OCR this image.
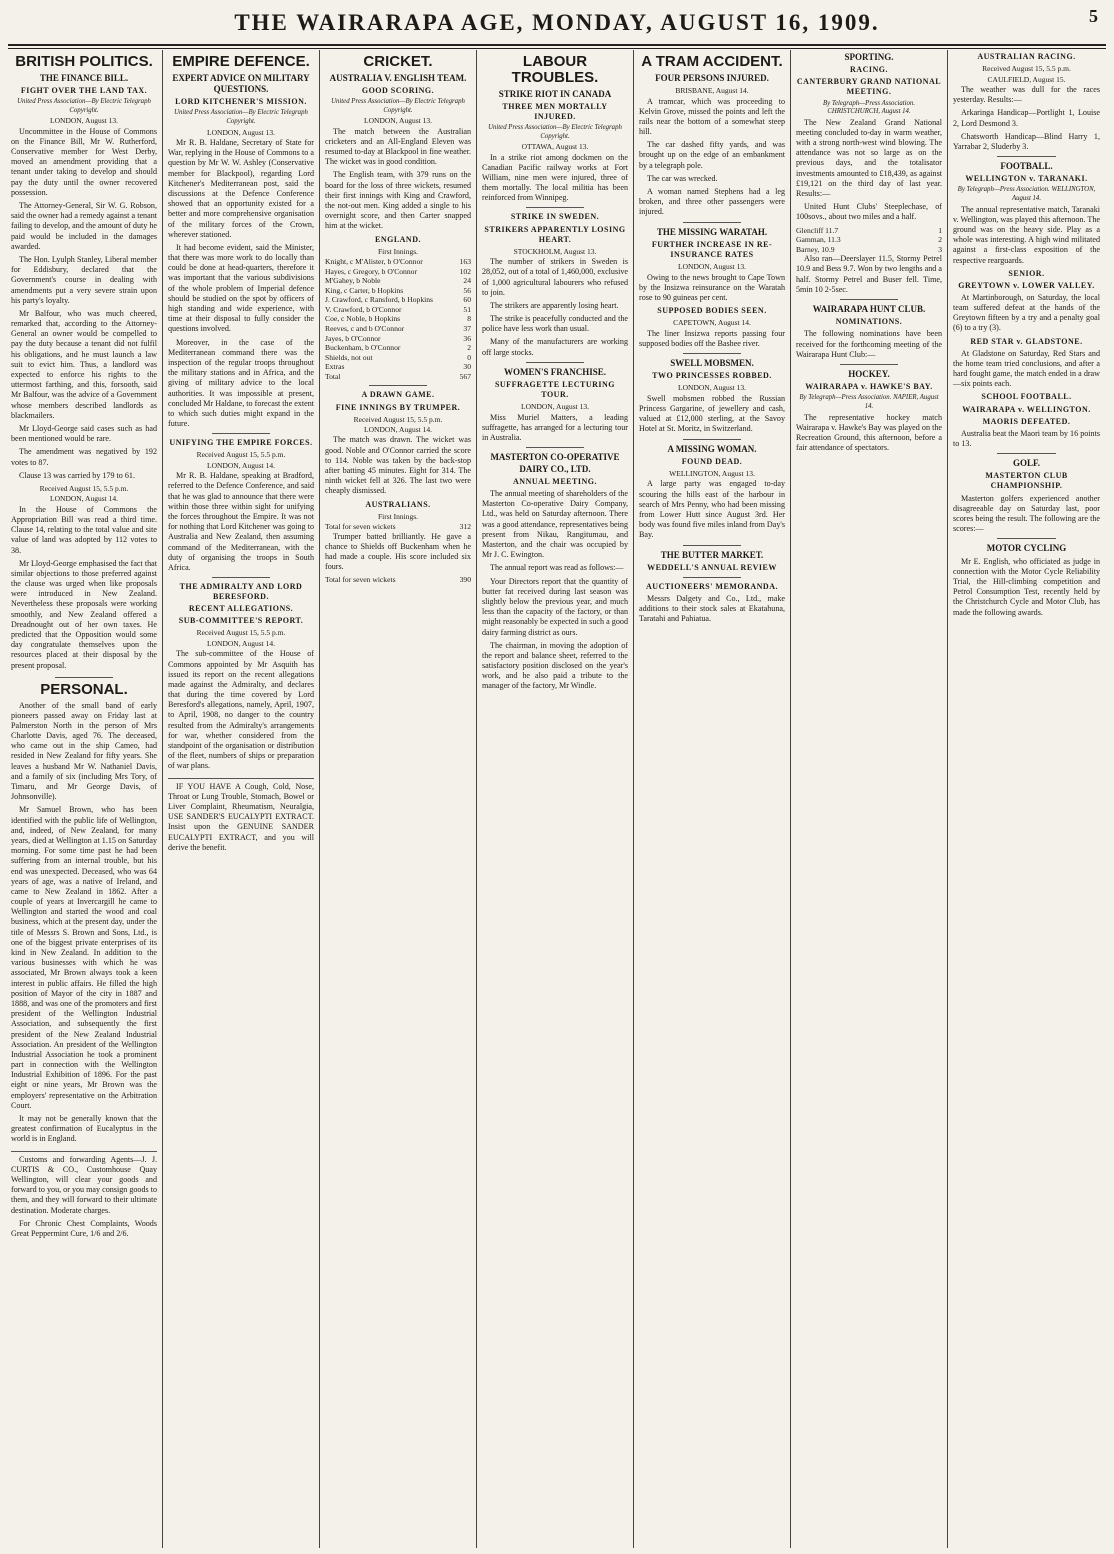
THE WAIRARAPA AGE, MONDAY, AUGUST 16, 1909.	5
BRITISH POLITICS.
THE FINANCE BILL.
FIGHT OVER THE LAND TAX.
United Press Association—By Electric Telegraph Copyright.
LONDON, August 13.

Uncommittee in the House of Commons on the Finance Bill, Mr W. Rutherford, Conservative member for West Derby, moved an amendment providing that a tenant under taking to develop and should pay the duty until the owner recovered possession.

The Attorney-General, Sir W. G. Robson, said the owner had a remedy against a tenant failing to develop, and the amount of duty he paid would be included in the damages awarded.

The Hon. Lyulph Stanley, Liberal member for Eddisbury, declared that the Government's course in dealing with amendments put a very severe strain upon his party's loyalty.

Mr Balfour, who was much cheered, remarked that, according to the Attorney-General an owner would be compelled to pay the duty because a tenant did not fulfil his obligations, and he must launch a law suit to evict him. Thus, a landlord was expected to enforce his rights to the uttermost farthing, and this, forsooth, said Mr Balfour, was the advice of a Government whose members described landlords as blackmailers.

Mr Lloyd-George said cases such as had been mentioned would be rare.

The amendment was negatived by 192 votes to 87.

Clause 13 was carried by 179 to 61.

Received August 15, 5.5 p.m.
LONDON, August 14.

In the House of Commons the Appropriation Bill was read a third time. Clause 14, relating to the total value and site value of land was adopted by 112 votes to 38.

Mr Lloyd-George emphasised the fact that similar objections to those preferred against the clause was urged when like proposals were introduced in New Zealand. Nevertheless these proposals were working smoothly, and New Zealand offered a Dreadnought out of her own taxes. He predicted that the Opposition would some day congratulate themselves upon the resources placed at their disposal by the present proposal.

PERSONAL.

Another of the small band of early pioneers passed away on Friday last at Palmerston North in the person of Mrs Charlotte Davis, aged 76. The deceased, who came out in the ship Cameo, had resided in New Zealand for fifty years. She leaves a husband Mr W. Nathaniel Davis, and a family of six (including Mrs Tory, of Timaru, and Mr George Davis, of Johnsonville).

Mr Samuel Brown, who has been identified with the public life of Wellington, and, indeed, of New Zealand, for many years, died at Wellington at 1.15 on Saturday morning. For some time past he had been suffering from an internal trouble, but his end was unexpected. Deceased, who was 64 years of age, was a native of Ireland, and came to New Zealand in 1862. After a couple of years at Invercargill he came to Wellington and started the wood and coal business, which at the present day, under the title of Messrs S. Brown and Sons, Ltd., is one of the biggest private enterprises of its kind in New Zealand. In addition to the various businesses with which he was associated, Mr Brown always took a keen interest in public affairs. He filled the high position of Mayor of the city in 1887 and 1888, and was one of the promoters and first president of the Wellington Industrial Association, and subsequently the first president of the New Zealand Industrial Association. An president of the Wellington Industrial Association he took a prominent part in connection with the Wellington Industrial Exhibition of 1896. For the past eight or nine years, Mr Brown was the employers' representative on the Arbitration Court.

It may not be generally known that the greatest confirmation of Eucalyptus in the world is in England.

Customs and forwarding Agents—J. J. CURTIS & CO., Customhouse Quay Wellington, will clear your goods and forward to you, or you may consign goods to them, and they will forward to their ultimate destination. Moderate charges.

For Chronic Chest Complaints, Woods Great Peppermint Cure, 1/6 and 2/6.

EMPIRE DEFENCE.
EXPERT ADVICE ON MILITARY QUESTIONS.
LORD KITCHENER'S MISSION.
United Press Association—By Electric Telegraph Copyright.
LONDON, August 13.

Mr R. B. Haldane, Secretary of State for War, replying in the House of Commons to a question by Mr W. W. Ashley (Conservative member for Blackpool), regarding Lord Kitchener's Mediterranean post, said the discussions at the Defence Conference showed that an opportunity existed for a better and more comprehensive organisation of the military forces of the Crown, wherever stationed.

It had become evident, said the Minister, that there was more work to do locally than could be done at head-quarters, therefore it was important that the various subdivisions of the whole problem of Imperial defence should be studied on the spot by officers of high standing and wide experience, with time at their disposal to fully consider the questions involved.

Moreover, in the case of the Mediterranean command there was the inspection of the regular troops throughout the military stations and in Africa, and the giving of military advice to the local authorities. It was impossible at present, concluded Mr Haldane, to forecast the extent to which such duties might expand in the future.

UNIFYING THE EMPIRE FORCES.
Received August 15, 5.5 p.m.
LONDON, August 14.

Mr R. B. Haldane, speaking at Bradford, referred to the Defence Conference, and said that he was glad to announce that there were within those three within sight for unifying the forces throughout the Empire. It was not for nothing that Lord Kitchener was going to Australia and New Zealand, then assuming command of the Mediterranean, with the duty of organising the troops in South Africa.

THE ADMIRALTY AND LORD BERESFORD.
RECENT ALLEGATIONS.
SUB-COMMITTEE'S REPORT.
Received August 15, 5.5 p.m.
LONDON, August 14.

The sub-committee of the House of Commons appointed by Mr Asquith has issued its report on the recent allegations made against the Admiralty, and declares that during the time covered by Lord Beresford's allegations, namely, April, 1907, to April, 1908, no danger to the country resulted from the Admiralty's arrangements for war, whether considered from the standpoint of the organisation or distribution of the fleet, numbers of ships or preparation of war plans.

IF YOU HAVE A Cough, Cold, Nose, Throat or Lung Trouble, Stomach, Bowel or Liver Complaint, Rheumatism, Neuralgia, USE SANDER'S EUCALYPTI EXTRACT. Insist upon the GENUINE SANDER EUCALYPTI EXTRACT, and you will derive the benefit.

CRICKET.
AUSTRALIA V. ENGLISH TEAM.
GOOD SCORING.
United Press Association—By Electric Telegraph Copyright.
LONDON, August 13.

The match between the Australian cricketers and an All-England Eleven was resumed to-day at Blackpool in fine weather. The wicket was in good condition.

The English team, with 379 runs on the board for the loss of three wickets, resumed their first innings with King and Crawford, the not-out men. King added a single to his overnight score, and then Carter snapped him at the wicket.

ENGLAND.
First Innings.
Knight, c M'Alister, b O'Connor	163
Hayes, c Gregory, b O'Connor	102
M'Gahey, b Noble	24
King, c Carter, b Hopkins	56
J. Crawford, c Ransford, b Hopkins	60
V. Crawford, b O'Connor	51
Coe, c Noble, b Hopkins	8
Reeves, c and b O'Connor	37
Jayes, b O'Connor	36
Buckenham, b O'Connor	2
Shields, not out	0
Extras	30
Total	567
A DRAWN GAME.
FINE INNINGS BY TRUMPER.
Received August 15, 5.5 p.m.
LONDON, August 14.

The match was drawn. The wicket was good. Noble and O'Connor carried the score to 114. Noble was taken by the back-stop after batting 45 minutes. Eight for 314. The ninth wicket fell at 326. The last two were cheaply dismissed.

AUSTRALIANS.
First Innings.
Total for seven wickets	312

Trumper batted brilliantly. He gave a chance to Shields off Buckenham when he had made a couple. His score included six fours.

Total for seven wickets	390
LABOUR TROUBLES.
STRIKE RIOT IN CANADA
THREE MEN MORTALLY INJURED.
United Press Association—By Electric Telegraph Copyright.
OTTAWA, August 13.

In a strike riot among dockmen on the Canadian Pacific railway works at Fort William, nine men were injured, three of them mortally. The local militia has been reinforced from Winnipeg.

STRIKE IN SWEDEN.
STRIKERS APPARENTLY LOSING HEART.
STOCKHOLM, August 13.

The number of strikers in Sweden is 28,052, out of a total of 1,460,000, exclusive of 1,000 agricultural labourers who refused to join.

The strikers are apparently losing heart.

The strike is peacefully conducted and the police have less work than usual.

Many of the manufacturers are working off large stocks.

WOMEN'S FRANCHISE.
SUFFRAGETTE LECTURING TOUR.
LONDON, August 13.

Miss Muriel Matters, a leading suffragette, has arranged for a lecturing tour in Australia.

MASTERTON CO-OPERATIVE DAIRY CO., LTD.
ANNUAL MEETING.

The annual meeting of shareholders of the Masterton Co-operative Dairy Company, Ltd., was held on Saturday afternoon. There was a good attendance, representatives being present from Nikau, Rangitumau, and Masterton, and the chair was occupied by Mr J. C. Ewington.

The annual report was read as follows:—

Your Directors report that the quantity of butter fat received during last season was slightly below the previous year, and much less than the capacity of the factory, or than might reasonably be expected in such a good dairy farming district as ours.

The chairman, in moving the adoption of the report and balance sheet, referred to the satisfactory position disclosed on the year's work, and he also paid a tribute to the manager of the factory, Mr Windle.

A TRAM ACCIDENT.
FOUR PERSONS INJURED.
BRISBANE, August 14.

A tramcar, which was proceeding to Kelvin Grove, missed the points and left the rails near the bottom of a somewhat steep hill.

The car dashed fifty yards, and was brought up on the edge of an embankment by a telegraph pole.

The car was wrecked.

A woman named Stephens had a leg broken, and three other passengers were injured.

THE MISSING WARATAH.
FURTHER INCREASE IN RE-INSURANCE RATES
LONDON, August 13.

Owing to the news brought to Cape Town by the Insizwa reinsurance on the Waratah rose to 90 guineas per cent.

SUPPOSED BODIES SEEN.
CAPETOWN, August 14.

The liner Insizwa reports passing four supposed bodies off the Bashee river.

SWELL MOBSMEN.
TWO PRINCESSES ROBBED.
LONDON, August 13.

Swell mobsmen robbed the Russian Princess Gargarine, of jewellery and cash, valued at £12,000 sterling, at the Savoy Hotel at St. Moritz, in Switzerland.

A MISSING WOMAN.
FOUND DEAD.
WELLINGTON, August 13.

A large party was engaged to-day scouring the hills east of the harbour in search of Mrs Penny, who had been missing from Lower Hutt since August 3rd. Her body was found five miles inland from Day's Bay.

THE BUTTER MARKET.
WEDDELL'S ANNUAL REVIEW
AUCTIONEERS' MEMORANDA.

Messrs Dalgety and Co., Ltd., make additions to their stock sales at Ekatahuna, Taratahi and Pahiatua.

SPORTING.
RACING.
CANTERBURY GRAND NATIONAL MEETING.
By Telegraph—Press Association. CHRISTCHURCH, August 14.

The New Zealand Grand National meeting concluded to-day in warm weather, with a strong north-west wind blowing. The attendance was not so large as on the previous days, and the totalisator investments amounted to £18,439, as against £19,121 on the third day of last year. Results:—

United Hunt Clubs' Steeplechase, of 100sovs., about two miles and a half.

Glencliff 11.7	1
Gamman, 11.3	2
Barney, 10.9	3

Also ran—Deerslayer 11.5, Stormy Petrel 10.9 and Bess 9.7. Won by two lengths and a half. Stormy Petrel and Buser fell. Time, 5min 10 2-5sec.

WAIRARAPA HUNT CLUB.
NOMINATIONS.

The following nominations have been received for the forthcoming meeting of the Wairarapa Hunt Club:—

HOCKEY.
WAIRARAPA v. HAWKE'S BAY.
By Telegraph—Press Association. NAPIER, August 14.

The representative hockey match Wairarapa v. Hawke's Bay was played on the Recreation Ground, this afternoon, before a fair attendance of spectators.

AUSTRALIAN RACING.
Received August 15, 5.5 p.m.
CAULFIELD, August 15.

The weather was dull for the races yesterday. Results:—

Arkaringa Handicap—Portlight 1, Louise 2, Lord Desmond 3.

Chatsworth Handicap—Blind Harry 1, Yarrabar 2, Sluderby 3.

FOOTBALL.
WELLINGTON v. TARANAKI.
By Telegraph—Press Association. WELLINGTON, August 14.

The annual representative match, Taranaki v. Wellington, was played this afternoon. The ground was on the heavy side. Play as a whole was interesting. A high wind militated against a first-class exposition of the respective rearguards.

SENIOR.
GREYTOWN v. LOWER VALLEY.

At Martinborough, on Saturday, the local team suffered defeat at the hands of the Greytown fifteen by a try and a penalty goal (6) to a try (3).

RED STAR v. GLADSTONE.

At Gladstone on Saturday, Red Stars and the home team tried conclusions, and after a hard fought game, the match ended in a draw—six points each.

SCHOOL FOOTBALL.
WAIRARAPA v. WELLINGTON.
MAORIS DEFEATED.

Australia beat the Maori team by 16 points to 13.

GOLF.
MASTERTON CLUB CHAMPIONSHIP.

Masterton golfers experienced another disagreeable day on Saturday last, poor scores being the result. The following are the scores:—

MOTOR CYCLING

Mr E. English, who officiated as judge in connection with the Motor Cycle Reliability Trial, the Hill-climbing competition and Petrol Consumption Test, recently held by the Christchurch Cycle and Motor Club, has made the following awards.
